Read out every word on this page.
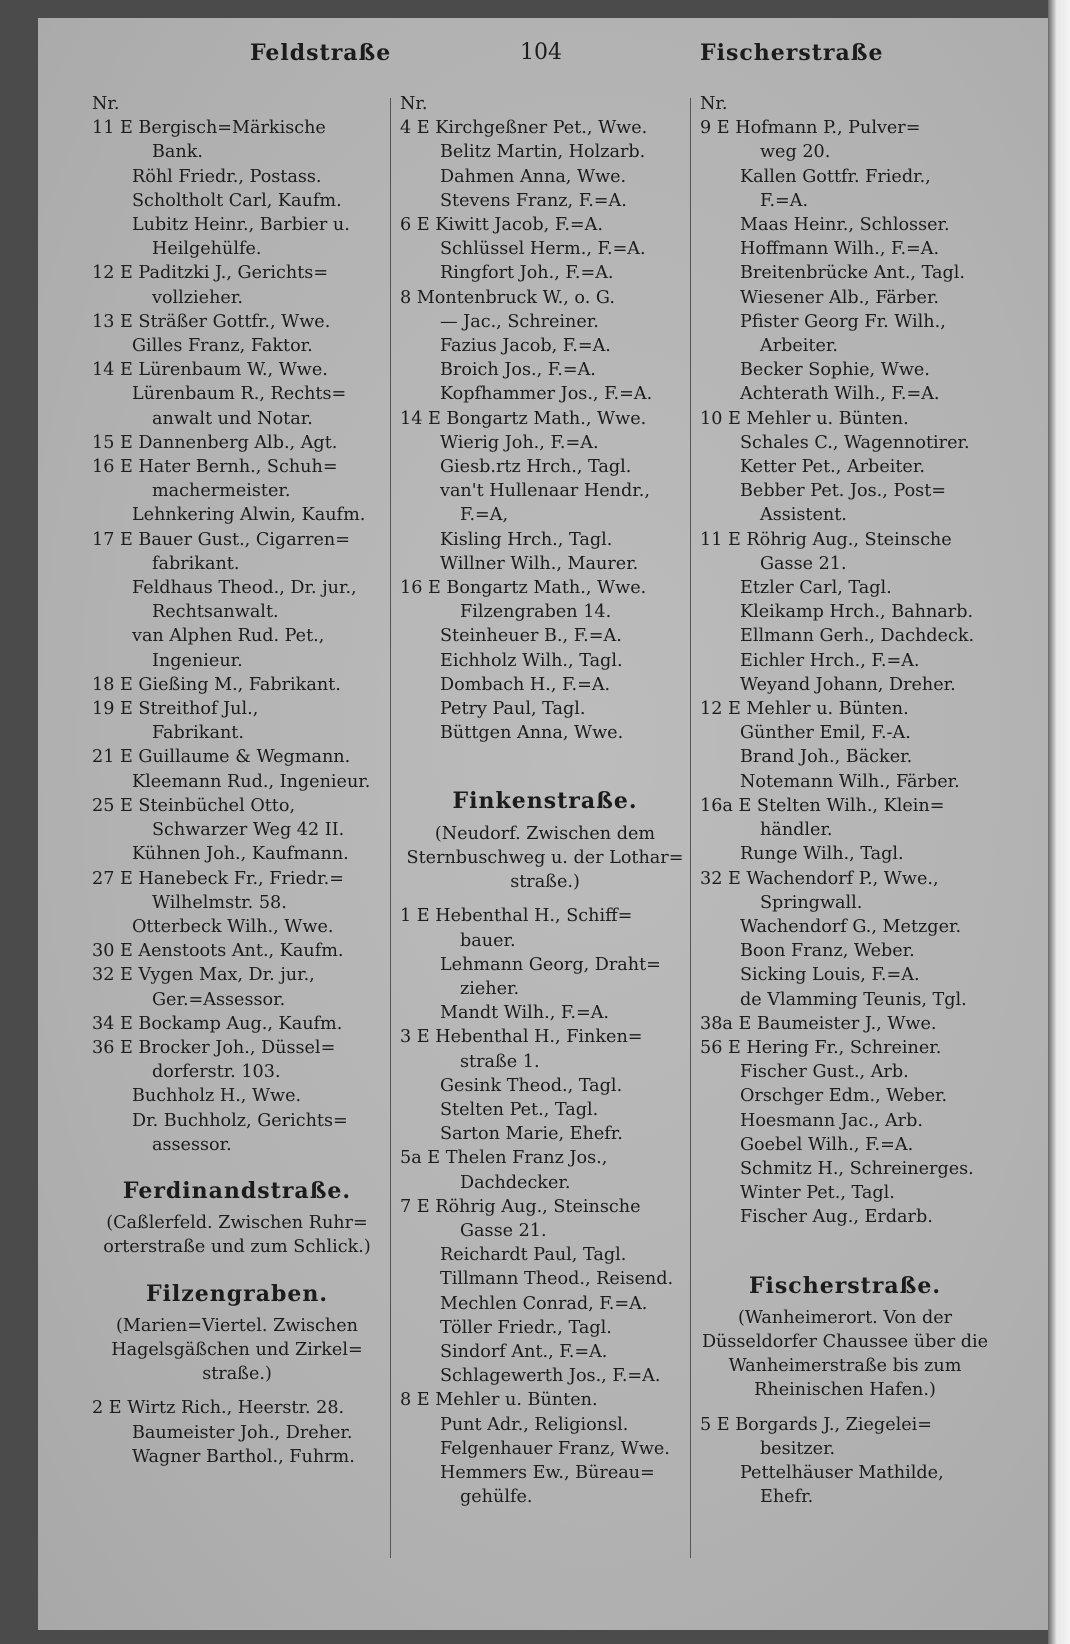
Feldstraße	104	Fischerstraße
Nr.
11 E Bergisch=Märkische
Bank.
Röhl Friedr., Postass.
Scholtholt Carl, Kaufm.
Lubitz Heinr., Barbier u.
Heilgehülfe.
12 E Paditzki J., Gerichts=
vollzieher.
13 E Sträßer Gottfr., Wwe.
Gilles Franz, Faktor.
14 E Lürenbaum W., Wwe.
Lürenbaum R., Rechts=
anwalt und Notar.
15 E Dannenberg Alb., Agt.
16 E Hater Bernh., Schuh=
machermeister.
Lehnkering Alwin, Kaufm.
17 E Bauer Gust., Cigarren=
fabrikant.
Feldhaus Theod., Dr. jur.,
Rechtsanwalt.
van Alphen Rud. Pet.,
Ingenieur.
18 E Gießing M., Fabrikant.
19 E Streithof Jul.,
Fabrikant.
21 E Guillaume & Wegmann.
Kleemann Rud., Ingenieur.
25 E Steinbüchel Otto,
Schwarzer Weg 42 II.
Kühnen Joh., Kaufmann.
27 E Hanebeck Fr., Friedr.=
Wilhelmstr. 58.
Otterbeck Wilh., Wwe.
30 E Aenstoots Ant., Kaufm.
32 E Vygen Max, Dr. jur.,
Ger.=Assessor.
34 E Bockamp Aug., Kaufm.
36 E Brocker Joh., Düssel=
dorferstr. 103.
Buchholz H., Wwe.
Dr. Buchholz, Gerichts=
assessor.
Ferdinandstraße.
(Caßlerfeld. Zwischen Ruhr= orterstraße und zum Schlick.)
Filzengraben.
(Marien=Viertel. Zwischen Hagelsgäßchen und Zirkel= straße.)
2 E Wirtz Rich., Heerstr. 28.
Baumeister Joh., Dreher.
Wagner Barthol., Fuhrm.
Nr.
4 E Kirchgeßner Pet., Wwe.
Belitz Martin, Holzarb.
Dahmen Anna, Wwe.
Stevens Franz, F.=A.
6 E Kiwitt Jacob, F.=A.
Schlüssel Herm., F.=A.
Ringfort Joh., F.=A.
8 Montenbruck W., o. G.
— Jac., Schreiner.
Fazius Jacob, F.=A.
Broich Jos., F.=A.
Kopfhammer Jos., F.=A.
14 E Bongartz Math., Wwe.
Wierig Joh., F.=A.
Giesb.rtz Hrch., Tagl.
van't Hullenaar Hendr.,
F.=A,
Kisling Hrch., Tagl.
Willner Wilh., Maurer.
16 E Bongartz Math., Wwe.
Filzengraben 14.
Steinheuer B., F.=A.
Eichholz Wilh., Tagl.
Dombach H., F.=A.
Petry Paul, Tagl.
Büttgen Anna, Wwe.
Finkenstraße.
(Neudorf. Zwischen dem Sternbuschweg u. der Lothar= straße.)
1 E Hebenthal H., Schiff=
bauer.
Lehmann Georg, Draht=
zieher.
Mandt Wilh., F.=A.
3 E Hebenthal H., Finken=
straße 1.
Gesink Theod., Tagl.
Stelten Pet., Tagl.
Sarton Marie, Ehefr.
5a E Thelen Franz Jos.,
Dachdecker.
7 E Röhrig Aug., Steinsche
Gasse 21.
Reichardt Paul, Tagl.
Tillmann Theod., Reisend.
Mechlen Conrad, F.=A.
Töller Friedr., Tagl.
Sindorf Ant., F.=A.
Schlagewerth Jos., F.=A.
8 E Mehler u. Bünten.
Punt Adr., Religionsl.
Felgenhauer Franz, Wwe.
Hemmers Ew., Büreau=
gehülfe.
Nr.
9 E Hofmann P., Pulver=
weg 20.
Kallen Gottfr. Friedr.,
F.=A.
Maas Heinr., Schlosser.
Hoffmann Wilh., F.=A.
Breitenbrücke Ant., Tagl.
Wiesener Alb., Färber.
Pfister Georg Fr. Wilh.,
Arbeiter.
Becker Sophie, Wwe.
Achterath Wilh., F.=A.
10 E Mehler u. Bünten.
Schales C., Wagennotirer.
Ketter Pet., Arbeiter.
Bebber Pet. Jos., Post=
Assistent.
11 E Röhrig Aug., Steinsche
Gasse 21.
Etzler Carl, Tagl.
Kleikamp Hrch., Bahnarb.
Ellmann Gerh., Dachdeck.
Eichler Hrch., F.=A.
Weyand Johann, Dreher.
12 E Mehler u. Bünten.
Günther Emil, F.-A.
Brand Joh., Bäcker.
Notemann Wilh., Färber.
16a E Stelten Wilh., Klein=
händler.
Runge Wilh., Tagl.
32 E Wachendorf P., Wwe.,
Springwall.
Wachendorf G., Metzger.
Boon Franz, Weber.
Sicking Louis, F.=A.
de Vlamming Teunis, Tgl.
38a E Baumeister J., Wwe.
56 E Hering Fr., Schreiner.
Fischer Gust., Arb.
Orschger Edm., Weber.
Hoesmann Jac., Arb.
Goebel Wilh., F.=A.
Schmitz H., Schreinerges.
Winter Pet., Tagl.
Fischer Aug., Erdarb.
Fischerstraße.
(Wanheimerort. Von der Düsseldorfer Chaussee über die Wanheimerstraße bis zum Rheinischen Hafen.)
5 E Borgards J., Ziegelei=
besitzer.
Pettelhäuser Mathilde,
Ehefr.
